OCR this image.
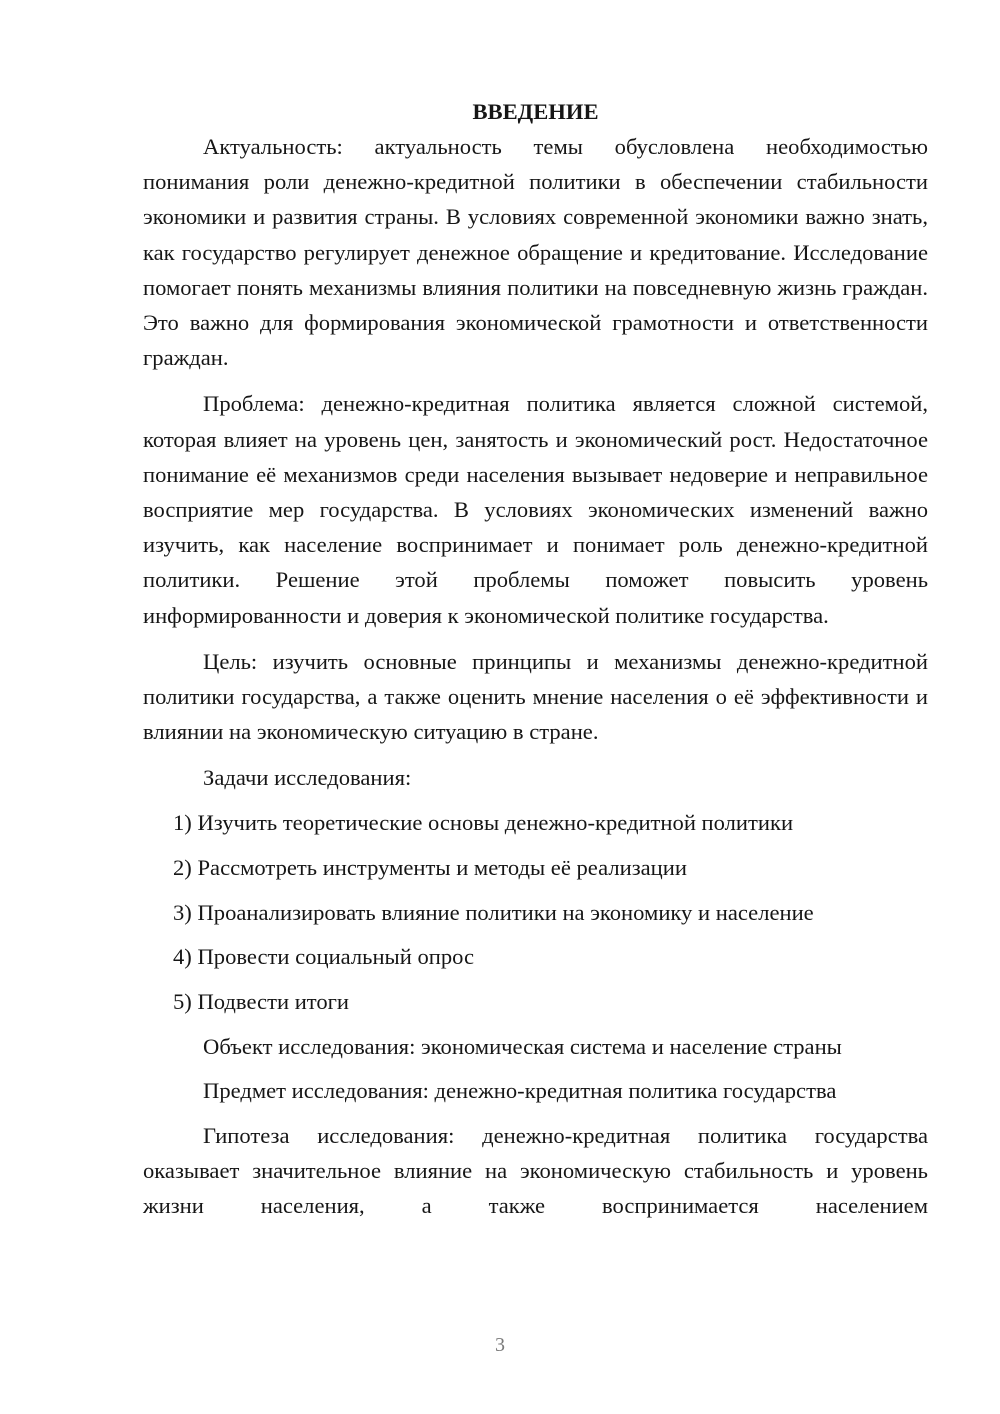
ВВЕДЕНИЕ

Актуальность: актуальность темы обусловлена необходимостью понимания роли денежно-кредитной политики в обеспечении стабильности экономики и развития страны. В условиях современной экономики важно знать, как государство регулирует денежное обращение и кредитование. Исследование помогает понять механизмы влияния политики на повседневную жизнь граждан. Это важно для формирования экономической грамотности и ответственности граждан.

Проблема: денежно-кредитная политика является сложной системой, которая влияет на уровень цен, занятость и экономический рост. Недостаточное понимание её механизмов среди населения вызывает недоверие и неправильное восприятие мер государства. В условиях экономических изменений важно изучить, как население воспринимает и понимает роль денежно-кредитной политики. Решение этой проблемы поможет повысить уровень информированности и доверия к экономической политике государства.

Цель: изучить основные принципы и механизмы денежно-кредитной политики государства, а также оценить мнение населения о её эффективности и влиянии на экономическую ситуацию в стране.

Задачи исследования:

1) Изучить теоретические основы денежно-кредитной политики

2) Рассмотреть инструменты и методы её реализации

3) Проанализировать влияние политики на экономику и население

4) Провести социальный опрос

5) Подвести итоги

Объект исследования: экономическая система и население страны

Предмет исследования: денежно-кредитная политика государства

Гипотеза исследования: денежно-кредитная политика государства оказывает значительное влияние на экономическую стабильность и уровень жизни населения, а также воспринимается населением

3
